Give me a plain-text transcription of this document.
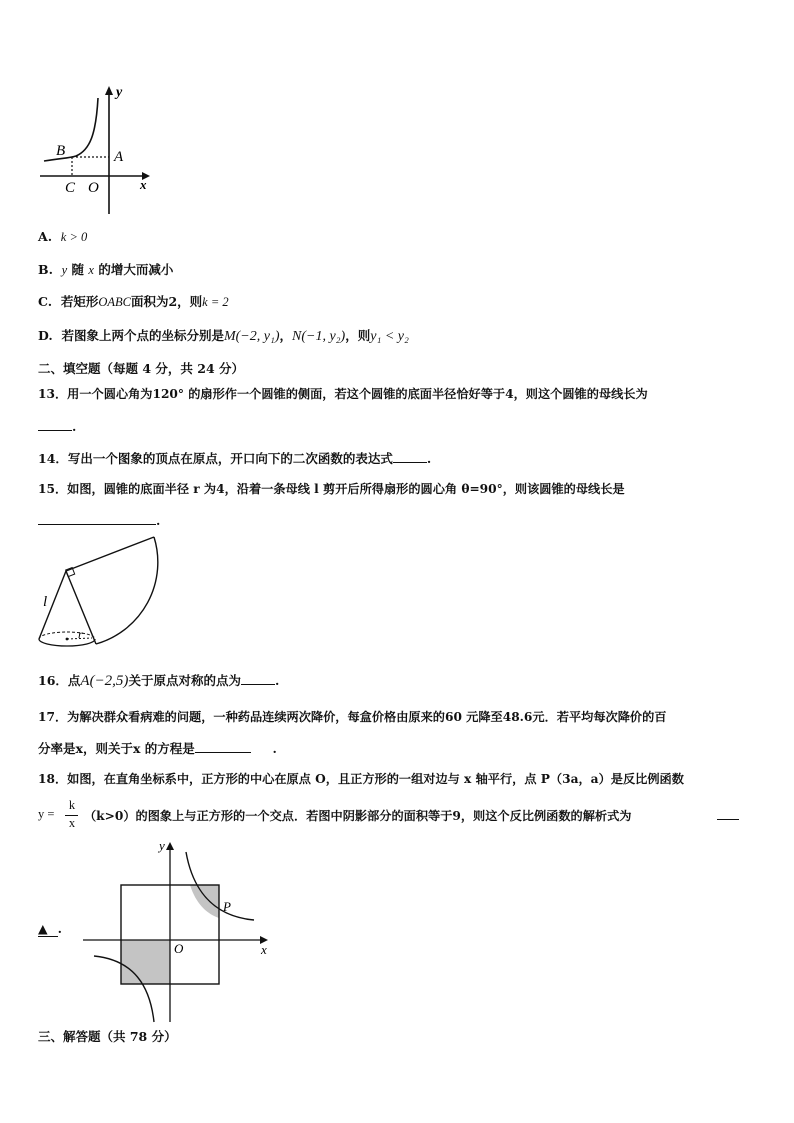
y
x
B	A
C O
A. k > 0
B. y 随 x 的增大而减小
C. 若矩形OABC面积为2，则k = 2
D. 若图象上两个点的坐标分别是M(−2, y₁)，N(−1, y₂)，则y₁ < y₂
二、填空题（每题 4 分，共 24 分）
13．用一个圆心角为120° 的扇形作一个圆锥的侧面，若这个圆锥的底面半径恰好等于4，则这个圆锥的母线长为
.
14．写出一个图象的顶点在原点，开口向下的二次函数的表达式	.
15．如图，圆锥的底面半径 r 为4，沿着一条母线 l 剪开后所得扇形的圆心角 θ=90°，则该圆锥的母线长是
.
l
r
16．点A(−2,5)关于原点对称的点为	.
17．为解决群众看病难的问题，一种药品连续两次降价，每盒价格由原来的60 元降至48.6元．若平均每次降价的百
分率是x，则关于x 的方程是	.
18．如图，在直角坐标系中，正方形的中心在原点 O，且正方形的一组对边与 x 轴平行，点 P（3a，a）是反比例函数
y =
k
x （k>0）的图象上与正方形的一个交点．若图中阴影部分的面积等于9，则这个反比例函数的解析式为
y
x
O
P
▲ .
三、解答题（共 78 分）
